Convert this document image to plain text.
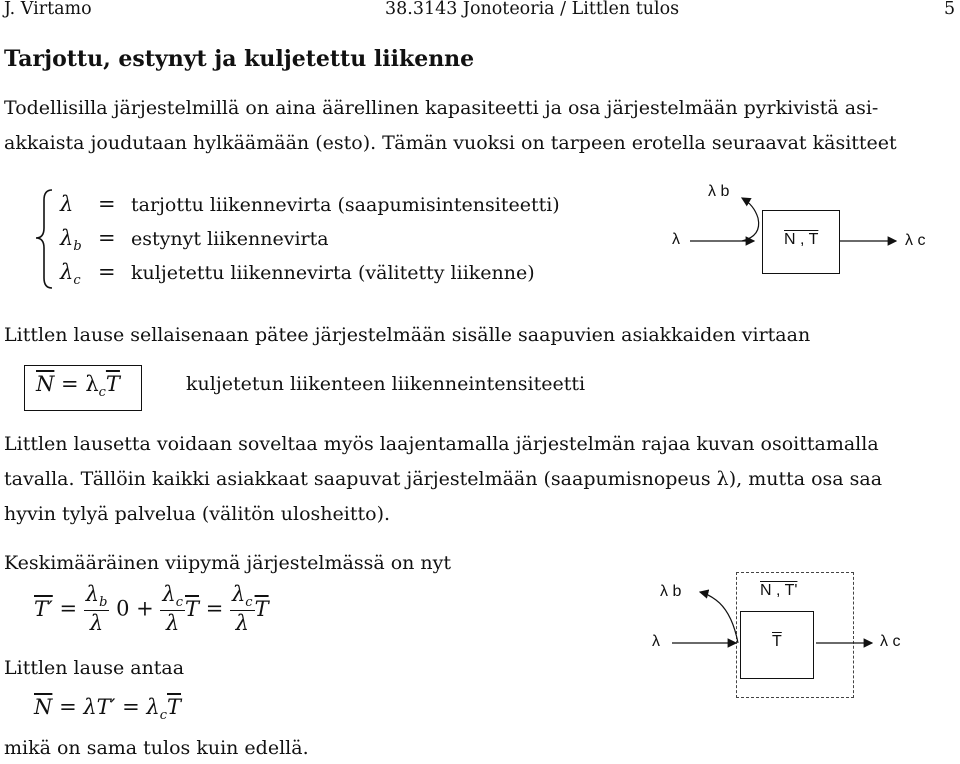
J. Virtamo	38.3143 Jonoteoria / Littlen tulos	5
Tarjottu, estynyt ja kuljetettu liikenne
Todellisilla järjestelmillä on aina äärellinen kapasiteetti ja osa järjestelmään pyrkivistä asi-
akkaista joudutaan hylkäämään (esto). Tämän vuoksi on tarpeen erotella seuraavat käsitteet
λ = tarjottu liikennevirta (saapumisintensiteetti)
$\lambda_b$ = estynyt liikennevirta
$\lambda_c$ = kuljetettu liikennevirta (välitetty liikenne)
λ
λ b
N , T	λ c
Littlen lause sellaisenaan pätee järjestelmään sisälle saapuvien asiakkaiden virtaan
$\overline{N} = \lambda_c\overline{T}$	kuljetetun liikenteen liikenneintensiteetti
Littlen lausetta voidaan soveltaa myös laajentamalla järjestelmän rajaa kuvan osoittamalla
tavalla. Tällöin kaikki asiakkaat saapuvat järjestelmään (saapumisnopeus λ), mutta osa saa
hyvin tylyä palvelua (välitön ulosheitto).
Keskimääräinen viipymä järjestelmässä on nyt
$T' = \frac{\lambda_b}{\lambda} 0 + \frac{\lambda_c}{\lambda} \overline{T} = \frac{\lambda_c}{\lambda} \overline{T}$
Littlen lause antaa
$\overline{N} = \lambda T' = \lambda_c\overline{T}$
mikä on sama tulos kuin edellä.
λ b	N , T'
λ	$\overline{T}$	λ c
